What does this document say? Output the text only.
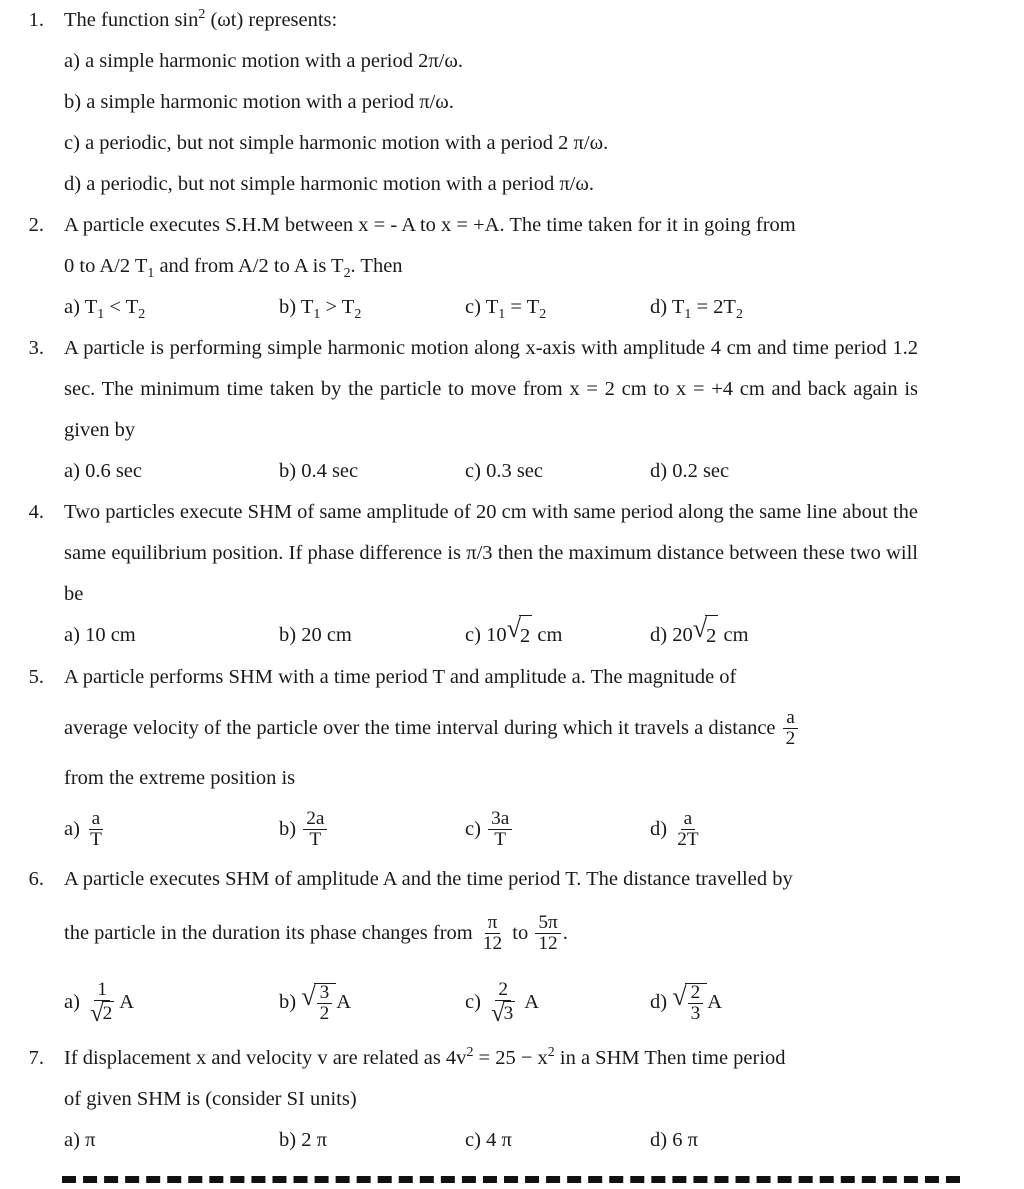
1. The function $\sin^2 (\omega t)$ represents:
a) a simple harmonic motion with a period 2π/ω.
b) a simple harmonic motion with a period π/ω.
c) a periodic, but not simple harmonic motion with a period 2 π/ω.
d) a periodic, but not simple harmonic motion with a period π/ω.
2. A particle executes S.H.M between x = - A to x = +A. The time taken for it in going from
0 to A/2 $T_1$ and from A/2 to A is $T_2$. Then
a) $T_1 < T_2$	b) $T_1 > T_2$	c) $T_1 = T_2$	d) $T_1 = 2T_2$
3. A particle is performing simple harmonic motion along x-axis with amplitude 4 cm and time period 1.2 sec. The minimum time taken by the particle to move from x = 2 cm to x = +4 cm and back again is given by
a) 0.6 sec	b) 0.4 sec	c) 0.3 sec	d) 0.2 sec
4. Two particles execute SHM of same amplitude of 20 cm with same period along the same line about the same equilibrium position. If phase difference is π/3 then the maximum distance between these two will be
a) 10 cm	b) 20 cm	c) 10 √ 2 cm	d) 20 √ 2 cm
5. A particle performs SHM with a time period T and amplitude a. The magnitude of
average velocity of the particle over the time interval during which it travels a distance $\frac{a}{2}$
from the extreme position is
$a) \frac{a}{T}$	$b) \frac{2a}{T}$	$c) \frac{3a}{T}$	$d) \frac{a}{2T}$
6. A particle executes SHM of amplitude A and the time period T. The distance travelled by
the particle in the duration its phase changes from $\frac{\pi}{12}$ to $\frac{5\pi}{12}$ .
$a) \frac{1}{√ 2}$ A	b) √ $\frac{3}{2}$ A	$c) \frac{2}{√ 3}$ A	d) √ $\frac{2}{3}$ A
7. If displacement x and velocity v are related as $4v^2 = 25 - x^2$ in a SHM Then time period
of given SHM is (consider SI units)
a) π	b) 2 π	c) 4 π	d) 6 π
